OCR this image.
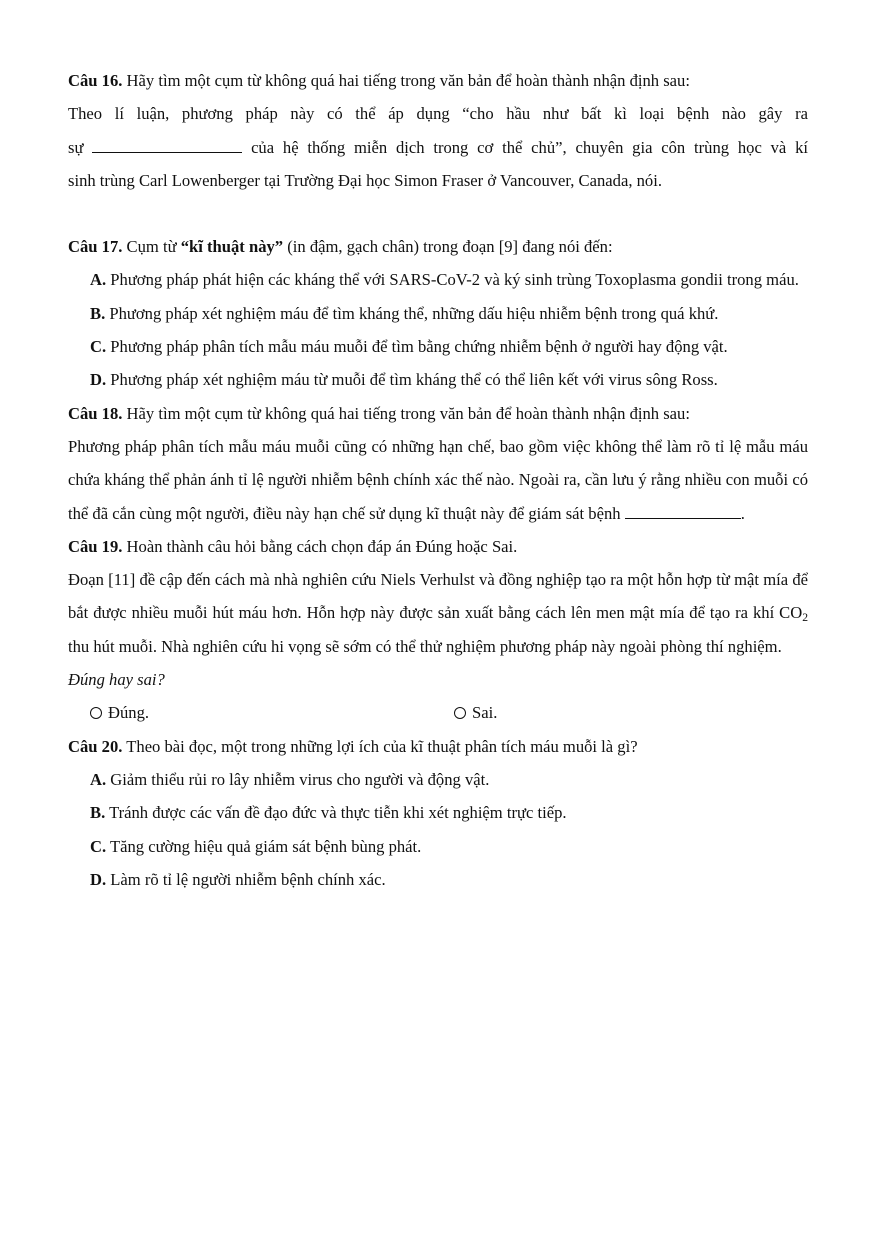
Câu 16. Hãy tìm một cụm từ không quá hai tiếng trong văn bản để hoàn thành nhận định sau:

Theo lí luận, phương pháp này có thể áp dụng “cho hầu như bất kì loại bệnh nào gây ra

sự	của hệ thống miễn dịch trong cơ thể chủ”, chuyên gia côn trùng học và kí

sinh trùng Carl Lowenberger tại Trường Đại học Simon Fraser ở Vancouver, Canada, nói.

Câu 17. Cụm từ “kĩ thuật này” (in đậm, gạch chân) trong đoạn [9] đang nói đến:

A. Phương pháp phát hiện các kháng thể với SARS-CoV-2 và ký sinh trùng Toxoplasma gondii trong máu.

B. Phương pháp xét nghiệm máu để tìm kháng thể, những dấu hiệu nhiễm bệnh trong quá khứ.

C. Phương pháp phân tích mẫu máu muỗi để tìm bằng chứng nhiễm bệnh ở người hay động vật.

D. Phương pháp xét nghiệm máu từ muỗi để tìm kháng thể có thể liên kết với virus sông Ross.

Câu 18. Hãy tìm một cụm từ không quá hai tiếng trong văn bản để hoàn thành nhận định sau:

Phương pháp phân tích mẫu máu muỗi cũng có những hạn chế, bao gồm việc không thể làm rõ tỉ lệ mẫu máu chứa kháng thể phản ánh tỉ lệ người nhiễm bệnh chính xác thế nào. Ngoài ra, cần lưu ý rằng nhiều con muỗi có thể đã cắn cùng một người, điều này hạn chế sử dụng kĩ thuật này để giám sát bệnh	.

Câu 19. Hoàn thành câu hỏi bằng cách chọn đáp án Đúng hoặc Sai.

Đoạn [11] đề cập đến cách mà nhà nghiên cứu Niels Verhulst và đồng nghiệp tạo ra một hỗn hợp từ mật mía để bắt được nhiều muỗi hút máu hơn. Hỗn hợp này được sản xuất bằng cách lên men mật mía để tạo ra khí $CO_2$ thu hút muỗi. Nhà nghiên cứu hi vọng sẽ sớm có thể thử nghiệm phương pháp này ngoài phòng thí nghiệm.

Đúng hay sai?

Đúng.	Sai.

Câu 20. Theo bài đọc, một trong những lợi ích của kĩ thuật phân tích máu muỗi là gì?

A. Giảm thiểu rủi ro lây nhiễm virus cho người và động vật.

B. Tránh được các vấn đề đạo đức và thực tiễn khi xét nghiệm trực tiếp.

C. Tăng cường hiệu quả giám sát bệnh bùng phát.

D. Làm rõ tỉ lệ người nhiễm bệnh chính xác.
